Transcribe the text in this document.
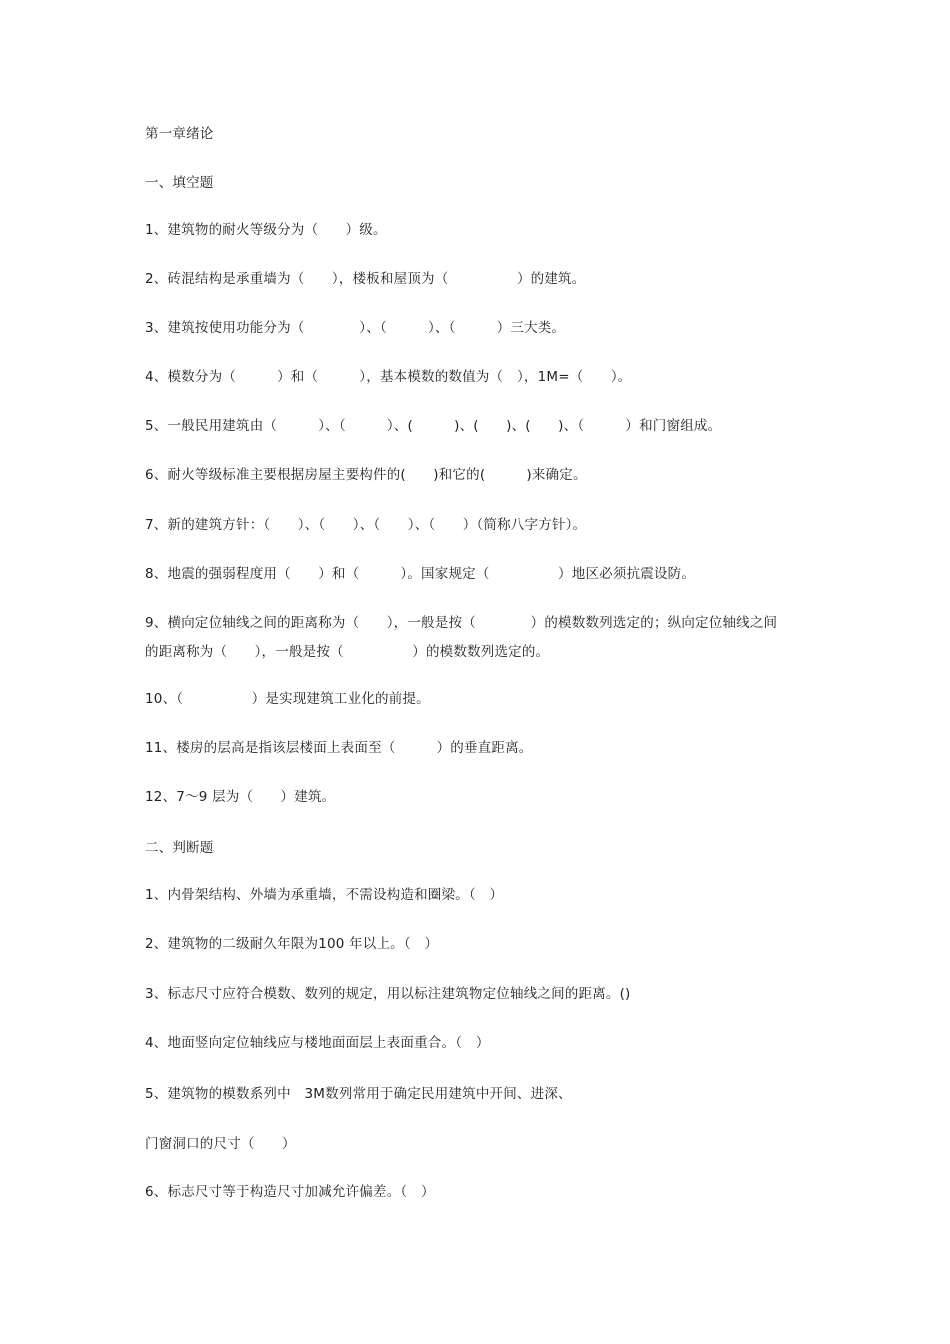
第一章绪论
一、填空题
1、建筑物的耐火等级分为（　　）级。
2、砖混结构是承重墙为（　　），楼板和屋顶为（　　　　　）的建筑。
3、建筑按使用功能分为（　　　　）、（　　　）、（　　　）三大类。
4、模数分为（　　　）和（　　　），基本模数的数值为（　），1M=（　　）。
5、一般民用建筑由（　　　）、（　　　）、(　　　)、(　　)、(　　)、（　　　）和门窗组成。
6、耐火等级标准主要根据房屋主要构件的(　　)和它的(　　　)来确定。
7、新的建筑方针：（　　）、（　　）、（　　）、（　　）（简称八字方针）。
8、地震的强弱程度用（　　）和（　　　）。国家规定（　　　　　）地区必须抗震设防。
9、横向定位轴线之间的距离称为（　　），一般是按（　　　　）的模数数列选定的；纵向定位轴线之间
的距离称为（　　），一般是按（　　　　　）的模数数列选定的。
10、（　　　　　）是实现建筑工业化的前提。
11、楼房的层高是指该层楼面上表面至（　　　）的垂直距离。
12、7～9 层为（　　）建筑。
二、判断题
1、内骨架结构、外墙为承重墙，不需设构造和圈梁。（　）
2、建筑物的二级耐久年限为100 年以上。（　）
3、标志尺寸应符合模数、数列的规定，用以标注建筑物定位轴线之间的距离。()
4、地面竖向定位轴线应与楼地面面层上表面重合。（　）
5、建筑物的模数系列中　3M数列常用于确定民用建筑中开间、进深、
门窗洞口的尺寸（　　）
6、标志尺寸等于构造尺寸加减允许偏差。（　）
